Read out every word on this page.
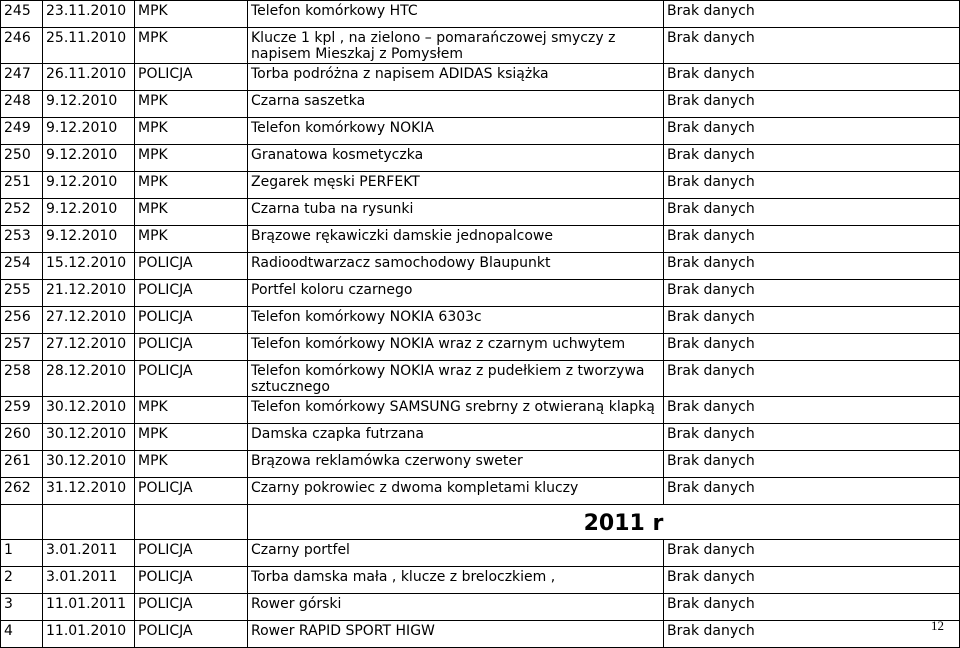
245	23.11.2010	MPK	Telefon komórkowy HTC	Brak danych
246	25.11.2010	MPK	Klucze 1 kpl , na zielono – pomarańczowej smyczy z napisem Mieszkaj z Pomysłem	Brak danych
247	26.11.2010	POLICJA	Torba podróżna z napisem ADIDAS książka	Brak danych
248	9.12.2010	MPK	Czarna saszetka	Brak danych
249	9.12.2010	MPK	Telefon komórkowy NOKIA	Brak danych
250	9.12.2010	MPK	Granatowa kosmetyczka	Brak danych
251	9.12.2010	MPK	Zegarek męski PERFEKT	Brak danych
252	9.12.2010	MPK	Czarna tuba na rysunki	Brak danych
253	9.12.2010	MPK	Brązowe rękawiczki damskie jednopalcowe	Brak danych
254	15.12.2010	POLICJA	Radioodtwarzacz samochodowy Blaupunkt	Brak danych
255	21.12.2010	POLICJA	Portfel koloru czarnego	Brak danych
256	27.12.2010	POLICJA	Telefon komórkowy NOKIA 6303c	Brak danych
257	27.12.2010	POLICJA	Telefon komórkowy NOKIA wraz z czarnym uchwytem	Brak danych
258	28.12.2010	POLICJA	Telefon komórkowy NOKIA wraz z pudełkiem z tworzywa sztucznego	Brak danych
259	30.12.2010	MPK	Telefon komórkowy SAMSUNG srebrny z otwieraną klapką	Brak danych
260	30.12.2010	MPK	Damska czapka futrzana	Brak danych
261	30.12.2010	MPK	Brązowa reklamówka czerwony sweter	Brak danych
262	31.12.2010	POLICJA	Czarny pokrowiec z dwoma kompletami kluczy	Brak danych

			2011 r	

1	3.01.2011	POLICJA	Czarny portfel	Brak danych
2	3.01.2011	POLICJA	Torba damska mała , klucze z breloczkiem ,	Brak danych
3	11.01.2011	POLICJA	Rower górski	Brak danych
4	11.01.2010	POLICJA	Rower RAPID SPORT HIGW	Brak danych	12
